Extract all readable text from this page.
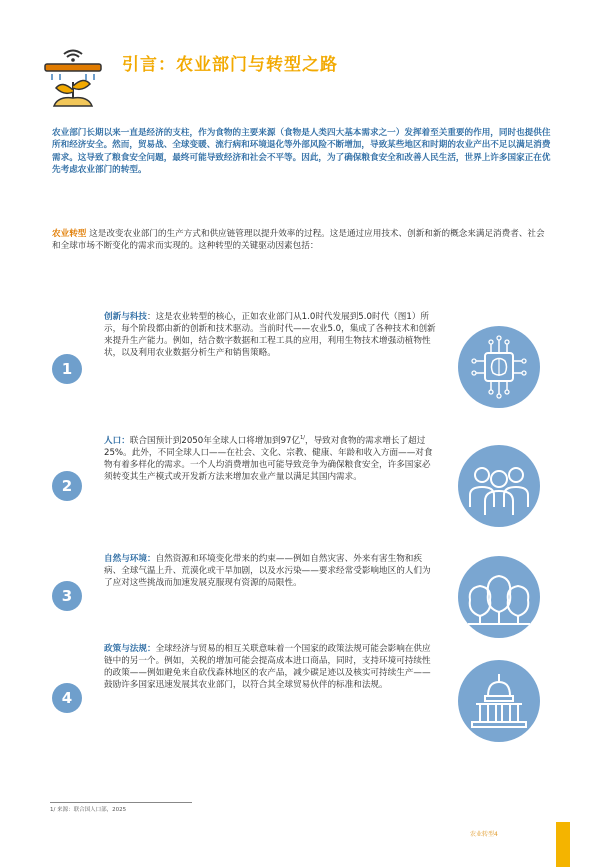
引言：农业部门与转型之路
农业部门长期以来一直是经济的支柱，作为食物的主要来源（食物是人类四大基本需求之一）发挥着至关重要的作用，同时也提供住所和经济安全。然而，贸易战、全球变暖、流行病和环境退化等外部风险不断增加，导致某些地区和时期的农业产出不足以满足消费需求。这导致了粮食安全问题，最终可能导致经济和社会不平等。因此，为了确保粮食安全和改善人民生活，世界上许多国家正在优先考虑农业部门的转型。
农业转型 这是改变农业部门的生产方式和供应链管理以提升效率的过程。这是通过应用技术、创新和新的概念来满足消费者、社会和全球市场不断变化的需求而实现的。这种转型的关键驱动因素包括：
1
创新与科技：这是农业转型的核心，正如农业部门从1.0时代发展到5.0时代（图1）所示，每个阶段都由新的创新和技术驱动。当前时代——农业5.0，集成了各种技术和创新来提升生产能力。例如，结合数字数据和工程工具的应用，利用生物技术增强动植物性状，以及利用农业数据分析生产和销售策略。
2
人口：联合国预计到2050年全球人口将增加到97亿$^{1/}$，导致对食物的需求增长了超过25%。此外，不同全球人口——在社会、文化、宗教、健康、年龄和收入方面——对食物有着多样化的需求。一个人均消费增加也可能导致竞争为确保粮食安全，许多国家必须转变其生产模式或开发新方法来增加农业产量以满足其国内需求。
3
自然与环境：自然资源和环境变化带来的约束——例如自然灾害、外来有害生物和疾病、全球气温上升、荒漠化或干旱加剧，以及水污染——要求经常受影响地区的人们为了应对这些挑战而加速发展克服现有资源的局限性。
4
政策与法规：全球经济与贸易的相互关联意味着一个国家的政策法规可能会影响在供应链中的另一个。例如，关税的增加可能会提高成本进口商品，同时，支持环境可持续性的政策——例如避免来自砍伐森林地区的农产品，减少碳足迹以及核实可持续生产——鼓励许多国家迅速发展其农业部门，以符合其全球贸易伙伴的标准和法规。
1/ 来源：联合国人口部，2025
农业转型4
